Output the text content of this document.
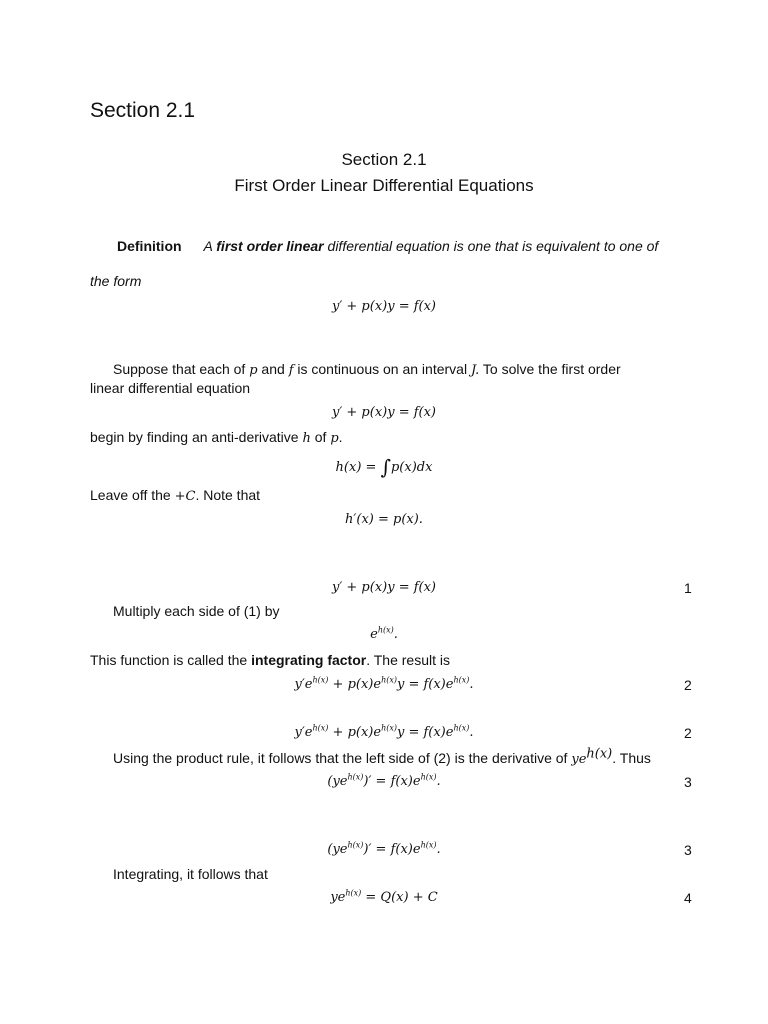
Section 2.1
Section 2.1
First Order Linear Differential Equations
Definition A first order linear differential equation is one that is equivalent to one of
the form
y′ + p(x)y = f(x)
Suppose that each of p and f is continuous on an interval J. To solve the first order
linear differential equation
y′ + p(x)y = f(x)
begin by finding an anti-derivative h of p.
h(x) = ∫p(x)dx
Leave off the +C. Note that
h′(x) = p(x).
y′ + p(x)y = f(x)	1
Multiply each side of (1) by
$e^{h(x)}$.
This function is called the integrating factor. The result is
$y'e^{h(x)} + p(x)e^{h(x)}y = f(x)e^{h(x)}$.	2
$y'e^{h(x)} + p(x)e^{h(x)}y = f(x)e^{h(x)}$.	2
Using the product rule, it follows that the left side of (2) is the derivative of $ye^{h(x)}$. Thus
$(ye^{h(x)})' = f(x)e^{h(x)}$.	3
$(ye^{h(x)})' = f(x)e^{h(x)}$.	3
Integrating, it follows that
$ye^{h(x)} = Q(x) + C$	4
